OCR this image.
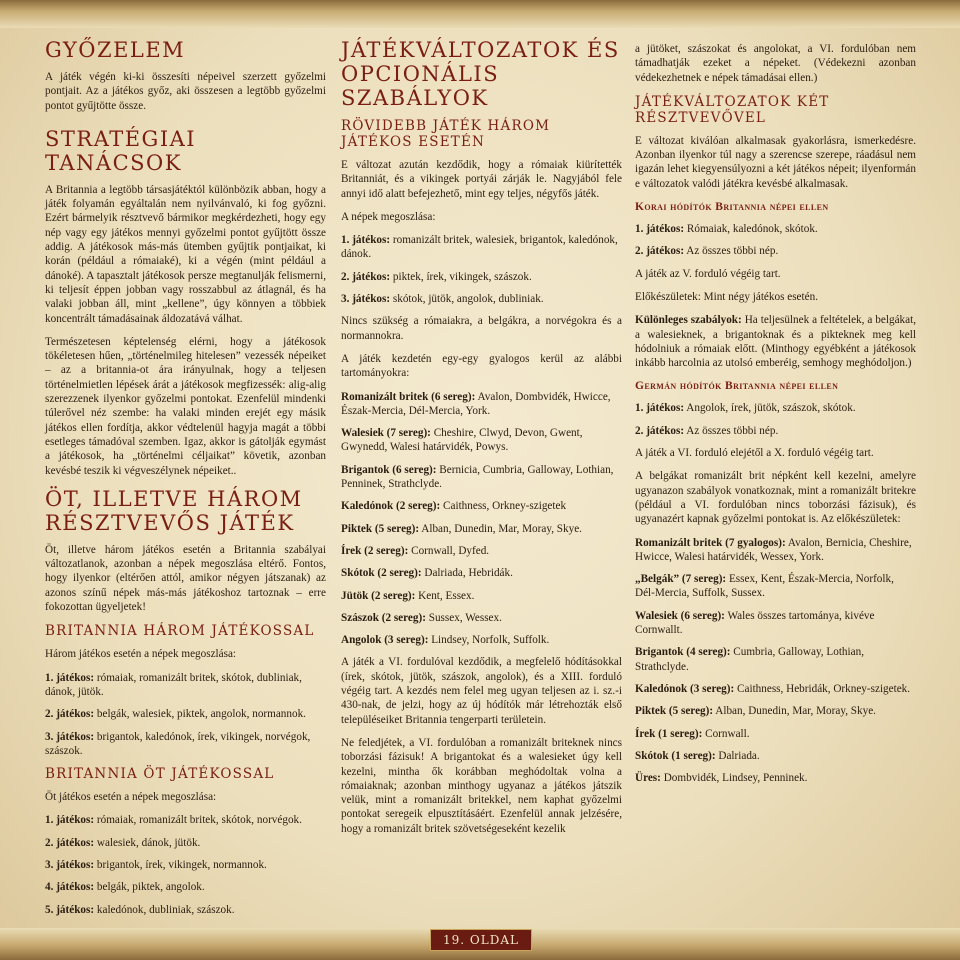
GYŐZELEM

A játék végén ki-ki összesíti népeivel szerzett győzelmi pontjait. Az a játékos győz, aki összesen a legtöbb győzelmi pontot gyűjtötte össze.

STRATÉGIAI TANÁCSOK

A Britannia a legtöbb társasjátéktól különbözik abban, hogy a játék folyamán egyáltalán nem nyilvánvaló, ki fog győzni. Ezért bármelyik résztvevő bármikor megkérdezheti, hogy egy nép vagy egy játékos mennyi győzelmi pontot gyűjtött össze addig. A játékosok más-más ütemben gyűjtik pontjaikat, ki korán (például a rómaiaké), ki a végén (mint például a dánoké). A tapasztalt játékosok persze megtanulják felismerni, ki teljesít éppen jobban vagy rosszabbul az átlagnál, és ha valaki jobban áll, mint „kellene”, úgy könnyen a többiek koncentrált támadásainak áldozatává válhat.

Természetesen képtelenség elérni, hogy a játékosok tökéletesen hűen, „történelmileg hitelesen” vezessék népeiket – az a britannia-ot ára irányulnak, hogy a teljesen történelmietlen lépések árát a játékosok megfizessék: alig-alig szerezzenek ilyenkor győzelmi pontokat. Ezenfelül mindenki túlerővel néz szembe: ha valaki minden erejét egy másik játékos ellen fordítja, akkor védtelenül hagyja magát a többi esetleges támadóval szemben. Igaz, akkor is gátolják egymást a játékosok, ha „történelmi céljaikat” követik, azonban kevésbé teszik ki végveszélynek népeiket..

ÖT, ILLETVE HÁROM RÉSZTVEVŐS JÁTÉK

Öt, illetve három játékos esetén a Britannia szabályai változatlanok, azonban a népek megoszlása eltérő. Fontos, hogy ilyenkor (eltérően attól, amikor négyen játszanak) az azonos színű népek más-más játékoshoz tartoznak – erre fokozottan ügyeljetek!

BRITANNIA HÁROM JÁTÉKOSSAL

Három játékos esetén a népek megoszlása:

1. játékos: rómaiak, romanizált britek, skótok, dubliniak, dánok, jütök.
2. játékos: belgák, walesiek, piktek, angolok, normannok.
3. játékos: brigantok, kaledónok, írek, vikingek, norvégok, szászok.
BRITANNIA ÖT JÁTÉKOSSAL

Öt játékos esetén a népek megoszlása:

1. játékos: rómaiak, romanizált britek, skótok, norvégok.
2. játékos: walesiek, dánok, jütök.
3. játékos: brigantok, írek, vikingek, normannok.
4. játékos: belgák, piktek, angolok.
5. játékos: kaledónok, dubliniak, szászok.
JÁTÉKVÁLTOZATOK ÉS OPCIONÁLIS SZABÁLYOK
RÖVIDEBB JÁTÉK HÁROM JÁTÉKOS ESETÉN

E változat azután kezdődik, hogy a rómaiak kiürítették Britanniát, és a vikingek portyái zárják le. Nagyjából fele annyi idő alatt befejezhető, mint egy teljes, négyfős játék.

A népek megoszlása:

1. játékos: romanizált britek, walesiek, brigantok, kaledónok, dánok.
2. játékos: piktek, írek, vikingek, szászok.
3. játékos: skótok, jütök, angolok, dubliniak.

Nincs szükség a rómaiakra, a belgákra, a norvégokra és a normannokra.

A játék kezdetén egy-egy gyalogos kerül az alábbi tartományokra:

Romanizált britek (6 sereg): Avalon, Dombvidék, Hwicce, Észak-Mercia, Dél-Mercia, York.
Walesiek (7 sereg): Cheshire, Clwyd, Devon, Gwent, Gwynedd, Walesi határvidék, Powys.
Brigantok (6 sereg): Bernicia, Cumbria, Galloway, Lothian, Penninek, Strathclyde.
Kaledónok (2 sereg): Caithness, Orkney-szigetek
Piktek (5 sereg): Alban, Dunedin, Mar, Moray, Skye.
Írek (2 sereg): Cornwall, Dyfed.
Skótok (2 sereg): Dalriada, Hebridák.
Jütök (2 sereg): Kent, Essex.
Szászok (2 sereg): Sussex, Wessex.
Angolok (3 sereg): Lindsey, Norfolk, Suffolk.

A játék a VI. fordulóval kezdődik, a megfelelő hódításokkal (írek, skótok, jütök, szászok, angolok), és a XIII. forduló végéig tart. A kezdés nem felel meg ugyan teljesen az i. sz.-i 430-nak, de jelzi, hogy az új hódítók már létrehozták első településeiket Britannia tengerparti területein.

Ne feledjétek, a VI. fordulóban a romanizált briteknek nincs toborzási fázisuk! A brigantokat és a walesieket úgy kell kezelni, mintha ők korábban meghódoltak volna a rómaiaknak; azonban minthogy ugyanaz a játékos játszik velük, mint a romanizált britekkel, nem kaphat győzelmi pontokat seregeik elpusztításáért. Ezenfelül annak jelzésére, hogy a romanizált britek szövetségeseként kezelik

a jütöket, szászokat és angolokat, a VI. fordulóban nem támadhatják ezeket a népeket. (Védekezni azonban védekezhetnek e népek támadásai ellen.)

JÁTÉKVÁLTOZATOK KÉT RÉSZTVEVŐVEL

E változat kiválóan alkalmasak gyakorlásra, ismerkedésre. Azonban ilyenkor túl nagy a szerencse szerepe, ráadásul nem igazán lehet kiegyensúlyozni a két játékos népeit; ilyenformán e változatok valódi játékra kevésbé alkalmasak.

Korai hódítók Britannia népei ellen
1. játékos: Rómaiak, kaledónok, skótok.
2. játékos: Az összes többi nép.

A játék az V. forduló végéig tart.

Előkészületek: Mint négy játékos esetén.

Különleges szabályok: Ha teljesülnek a feltételek, a belgákat, a walesieknek, a brigantoknak és a pikteknek meg kell hódolniuk a rómaiak előtt. (Minthogy egyébként a játékosok inkább harcolnia az utolsó emberéig, semhogy meghódoljon.)

Germán hódítók Britannia népei ellen
1. játékos: Angolok, írek, jütök, szászok, skótok.
2. játékos: Az összes többi nép.

A játék a VI. forduló elejétől a X. forduló végéig tart.

A belgákat romanizált brit népként kell kezelni, amelyre ugyanazon szabályok vonatkoznak, mint a romanizált britekre (például a VI. fordulóban nincs toborzási fázisuk), és ugyanazért kapnak győzelmi pontokat is. Az előkészületek:

Romanizált britek (7 gyalogos): Avalon, Bernicia, Cheshire, Hwicce, Walesi határvidék, Wessex, York.
„Belgák” (7 sereg): Essex, Kent, Észak-Mercia, Norfolk, Dél-Mercia, Suffolk, Sussex.
Walesiek (6 sereg): Wales összes tartománya, kivéve Cornwallt.
Brigantok (4 sereg): Cumbria, Galloway, Lothian, Strathclyde.
Kaledónok (3 sereg): Caithness, Hebridák, Orkney-szigetek.
Piktek (5 sereg): Alban, Dunedin, Mar, Moray, Skye.
Írek (1 sereg): Cornwall.
Skótok (1 sereg): Dalriada.
Üres: Dombvidék, Lindsey, Penninek.
19. OLDAL
